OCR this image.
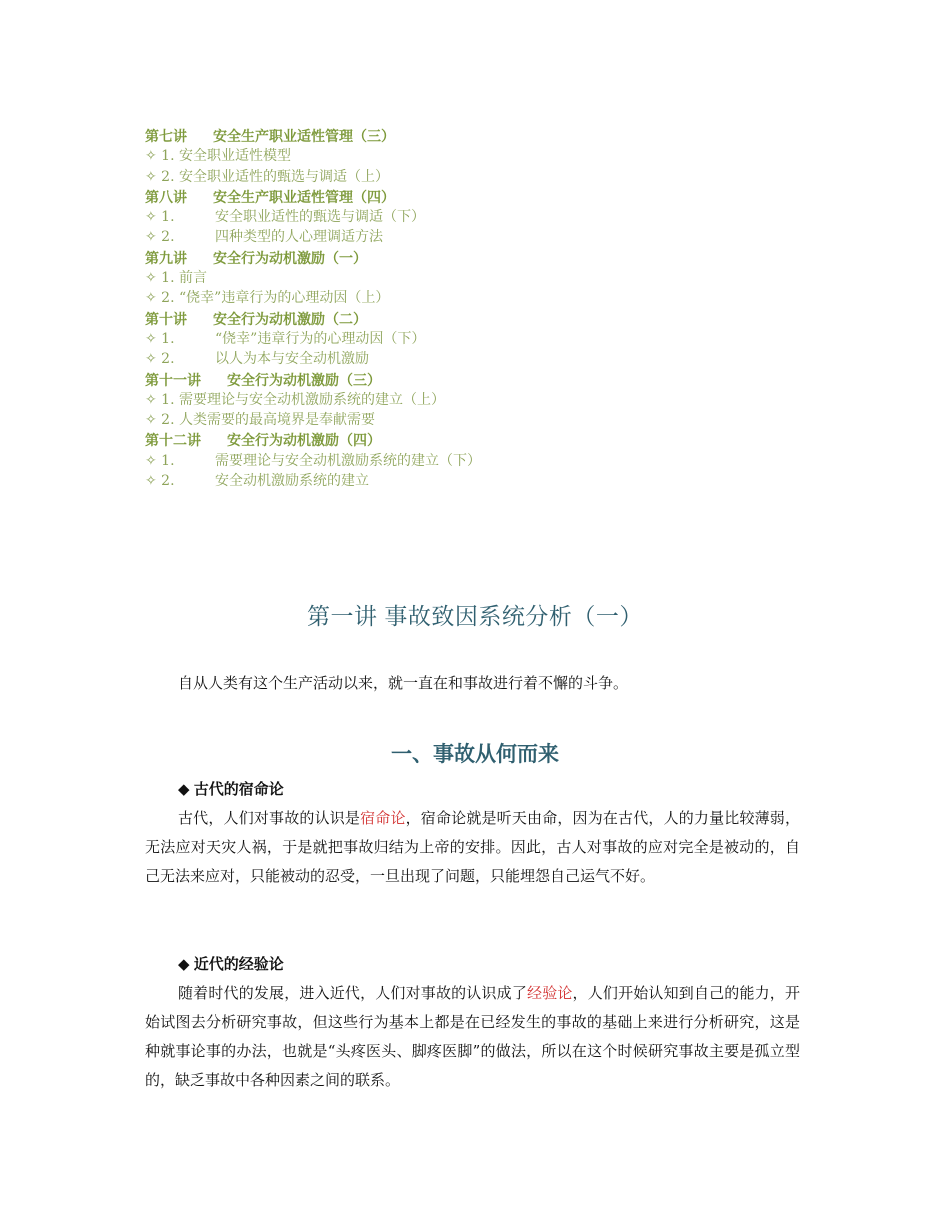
第七讲 安全生产职业适性管理（三）
✧ 1. 安全职业适性模型
✧ 2. 安全职业适性的甄选与调适（上）
第八讲 安全生产职业适性管理（四）
✧ 1.	安全职业适性的甄选与调适（下）
✧ 2.	四种类型的人心理调适方法
第九讲 安全行为动机激励（一）
✧ 1. 前言
✧ 2. “侥幸”违章行为的心理动因（上）
第十讲 安全行为动机激励（二）
✧ 1.	“侥幸”违章行为的心理动因（下）
✧ 2.	以人为本与安全动机激励
第十一讲 安全行为动机激励（三）
✧ 1. 需要理论与安全动机激励系统的建立（上）
✧ 2. 人类需要的最高境界是奉献需要
第十二讲 安全行为动机激励（四）
✧ 1.	需要理论与安全动机激励系统的建立（下）
✧ 2.	安全动机激励系统的建立
第一讲 事故致因系统分析（一）
自从人类有这个生产活动以来，就一直在和事故进行着不懈的斗争。
一、事故从何而来
◆ 古代的宿命论
古代，人们对事故的认识是宿命论，宿命论就是听天由命，因为在古代，人的力量比较薄弱，无法应对天灾人祸，于是就把事故归结为上帝的安排。因此，古人对事故的应对完全是被动的，自己无法来应对，只能被动的忍受，一旦出现了问题，只能埋怨自己运气不好。
◆ 近代的经验论
随着时代的发展，进入近代，人们对事故的认识成了经验论，人们开始认知到自己的能力，开始试图去分析研究事故，但这些行为基本上都是在已经发生的事故的基础上来进行分析研究，这是种就事论事的办法，也就是“头疼医头、脚疼医脚”的做法，所以在这个时候研究事故主要是孤立型的，缺乏事故中各种因素之间的联系。
